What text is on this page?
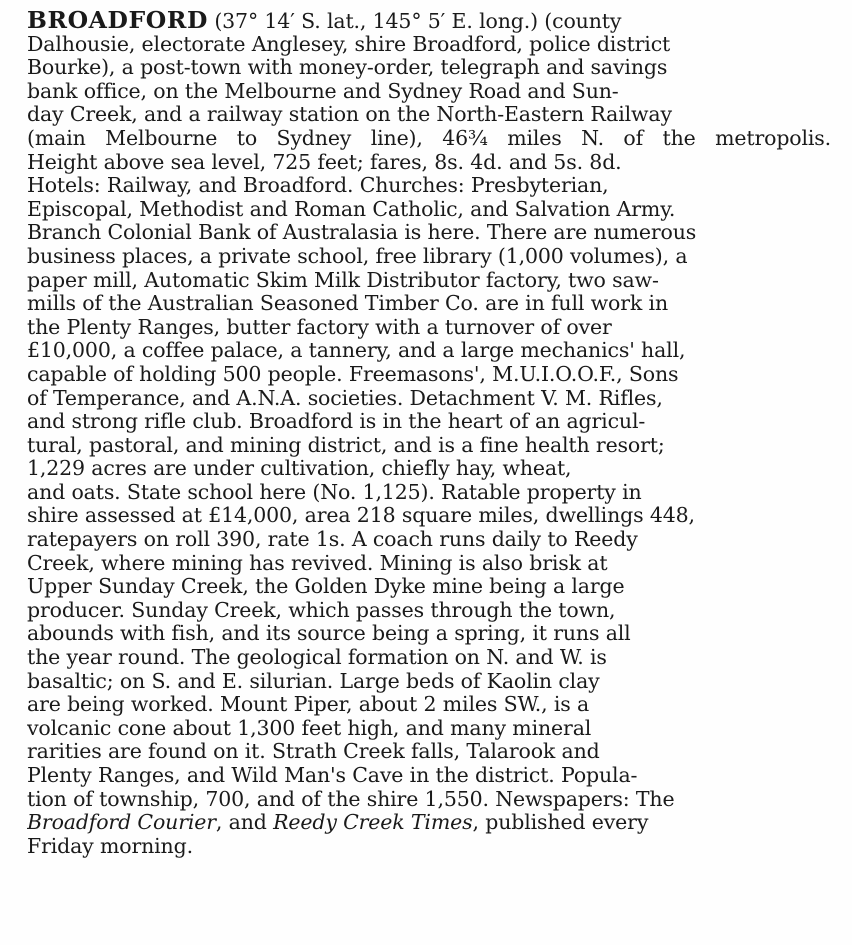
BROADFORD (37° 14′ S. lat., 145° 5′ E. long.) (county
Dalhousie, electorate Anglesey, shire Broadford, police district
Bourke), a post-town with money-order, telegraph and savings
bank office, on the Melbourne and Sydney Road and Sun-
day Creek, and a railway station on the North-Eastern Railway
(main Melbourne to Sydney line), 46¾ miles N. of the metropolis.
Height above sea level, 725 feet; fares, 8s. 4d. and 5s. 8d.
Hotels: Railway, and Broadford. Churches: Presbyterian,
Episcopal, Methodist and Roman Catholic, and Salvation Army.
Branch Colonial Bank of Australasia is here. There are numerous
business places, a private school, free library (1,000 volumes), a
paper mill, Automatic Skim Milk Distributor factory, two saw-
mills of the Australian Seasoned Timber Co. are in full work in
the Plenty Ranges, butter factory with a turnover of over
£10,000, a coffee palace, a tannery, and a large mechanics' hall,
capable of holding 500 people. Freemasons', M.U.I.O.O.F., Sons
of Temperance, and A.N.A. societies. Detachment V. M. Rifles,
and strong rifle club. Broadford is in the heart of an agricul-
tural, pastoral, and mining district, and is a fine health resort;
1,229 acres are under cultivation, chiefly hay, wheat,
and oats. State school here (No. 1,125). Ratable property in
shire assessed at £14,000, area 218 square miles, dwellings 448,
ratepayers on roll 390, rate 1s. A coach runs daily to Reedy
Creek, where mining has revived. Mining is also brisk at
Upper Sunday Creek, the Golden Dyke mine being a large
producer. Sunday Creek, which passes through the town,
abounds with fish, and its source being a spring, it runs all
the year round. The geological formation on N. and W. is
basaltic; on S. and E. silurian. Large beds of Kaolin clay
are being worked. Mount Piper, about 2 miles SW., is a
volcanic cone about 1,300 feet high, and many mineral
rarities are found on it. Strath Creek falls, Talarook and
Plenty Ranges, and Wild Man's Cave in the district. Popula-
tion of township, 700, and of the shire 1,550. Newspapers: The
Broadford Courier, and Reedy Creek Times, published every
Friday morning.
